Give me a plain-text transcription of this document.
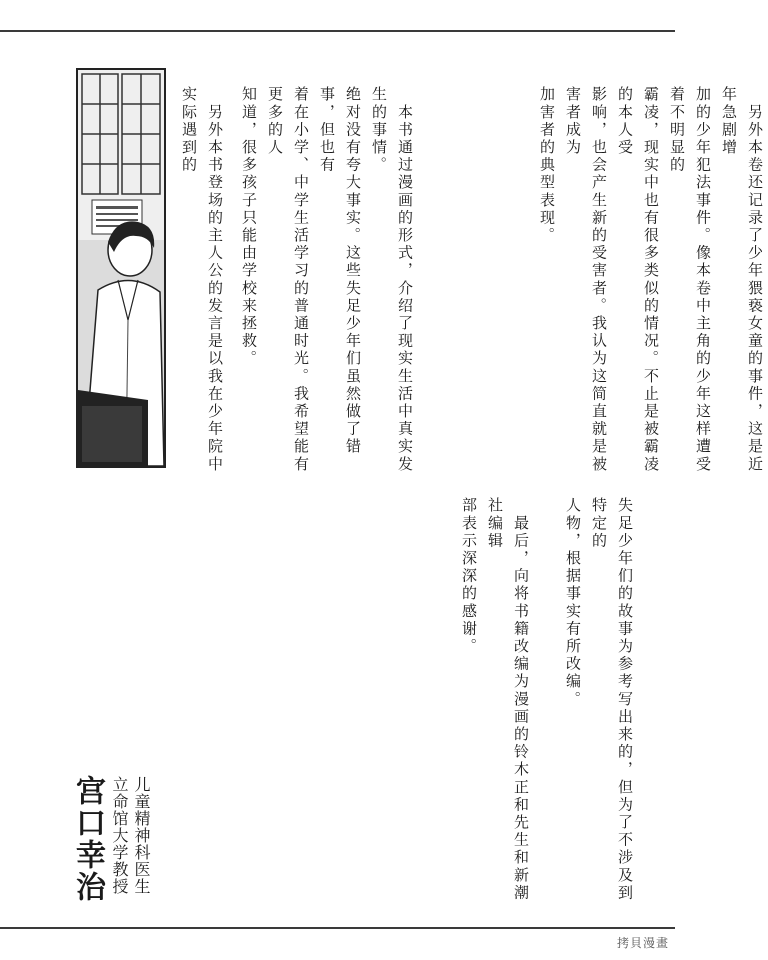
　另外本卷还记录了少年猥亵女童的事件，这是近年急剧增
加的少年犯法事件。像本卷中主角的少年这样遭受着不明显的
霸凌，现实中也有很多类似的情况。不止是被霸凌的本人受
影响，也会产生新的受害者。我认为这简直就是被害者成为
加害者的典型表现。
　本书通过漫画的形式，介绍了现实生活中真实发生的事情。
绝对没有夸大事实。这些失足少年们虽然做了错事，但也有
着在小学、中学生活学习的普通时光。我希望能有更多的人
知道，很多孩子只能由学校来拯救。
　另外本书登场的主人公的发言是以我在少年院中实际遇到的
失足少年们的故事为参考写出来的，但为了不涉及到特定的
人物，根据事实有所改编。
　最后，向将书籍改编为漫画的铃木正和先生和新潮社编辑
部表示深深的感谢。
儿童精神科医生
立命馆大学教授
宫口幸治
拷貝漫畫
